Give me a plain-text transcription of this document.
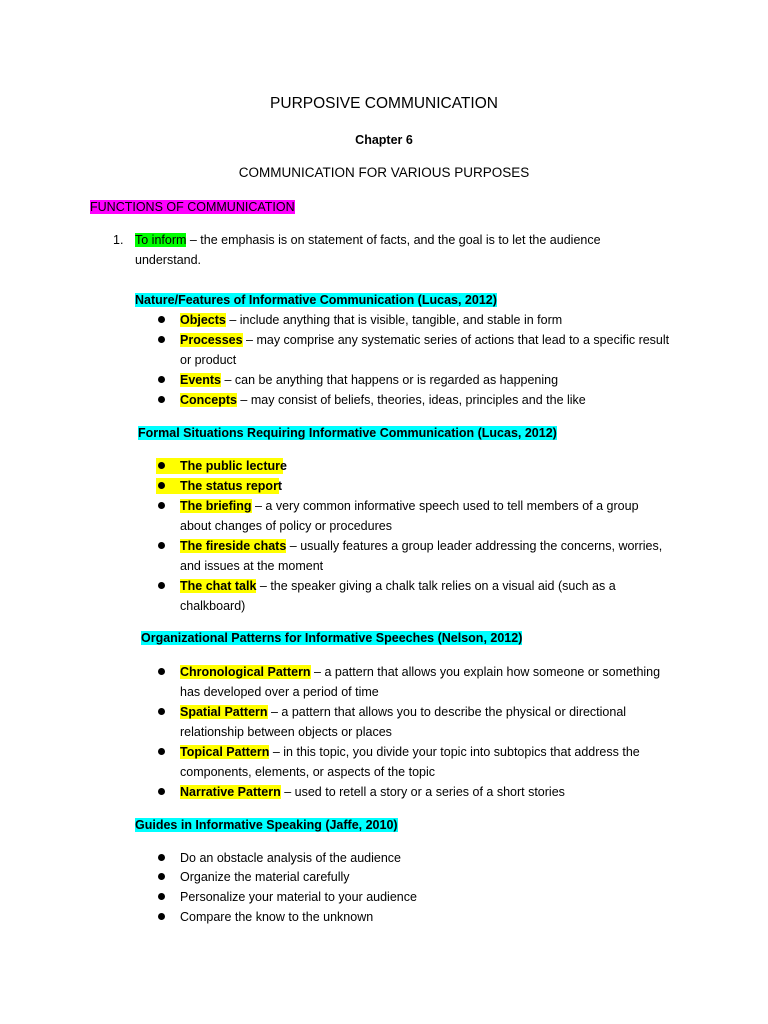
PURPOSIVE COMMUNICATION
Chapter 6
COMMUNICATION FOR VARIOUS PURPOSES
FUNCTIONS OF COMMUNICATION
1. To inform – the emphasis is on statement of facts, and the goal is to let the audience
understand.
Nature/Features of Informative Communication (Lucas, 2012)
Objects – include anything that is visible, tangible, and stable in form
Processes – may comprise any systematic series of actions that lead to a specific result
or product
Events – can be anything that happens or is regarded as happening
Concepts – may consist of beliefs, theories, ideas, principles and the like
Formal Situations Requiring Informative Communication (Lucas, 2012)
The public lecture
The status report
The briefing – a very common informative speech used to tell members of a group
about changes of policy or procedures
The fireside chats – usually features a group leader addressing the concerns, worries,
and issues at the moment
The chat talk – the speaker giving a chalk talk relies on a visual aid (such as a
chalkboard)
Organizational Patterns for Informative Speeches (Nelson, 2012)
Chronological Pattern – a pattern that allows you explain how someone or something
has developed over a period of time
Spatial Pattern – a pattern that allows you to describe the physical or directional
relationship between objects or places
Topical Pattern – in this topic, you divide your topic into subtopics that address the
components, elements, or aspects of the topic
Narrative Pattern – used to retell a story or a series of a short stories
Guides in Informative Speaking (Jaffe, 2010)
Do an obstacle analysis of the audience
Organize the material carefully
Personalize your material to your audience
Compare the know to the unknown
